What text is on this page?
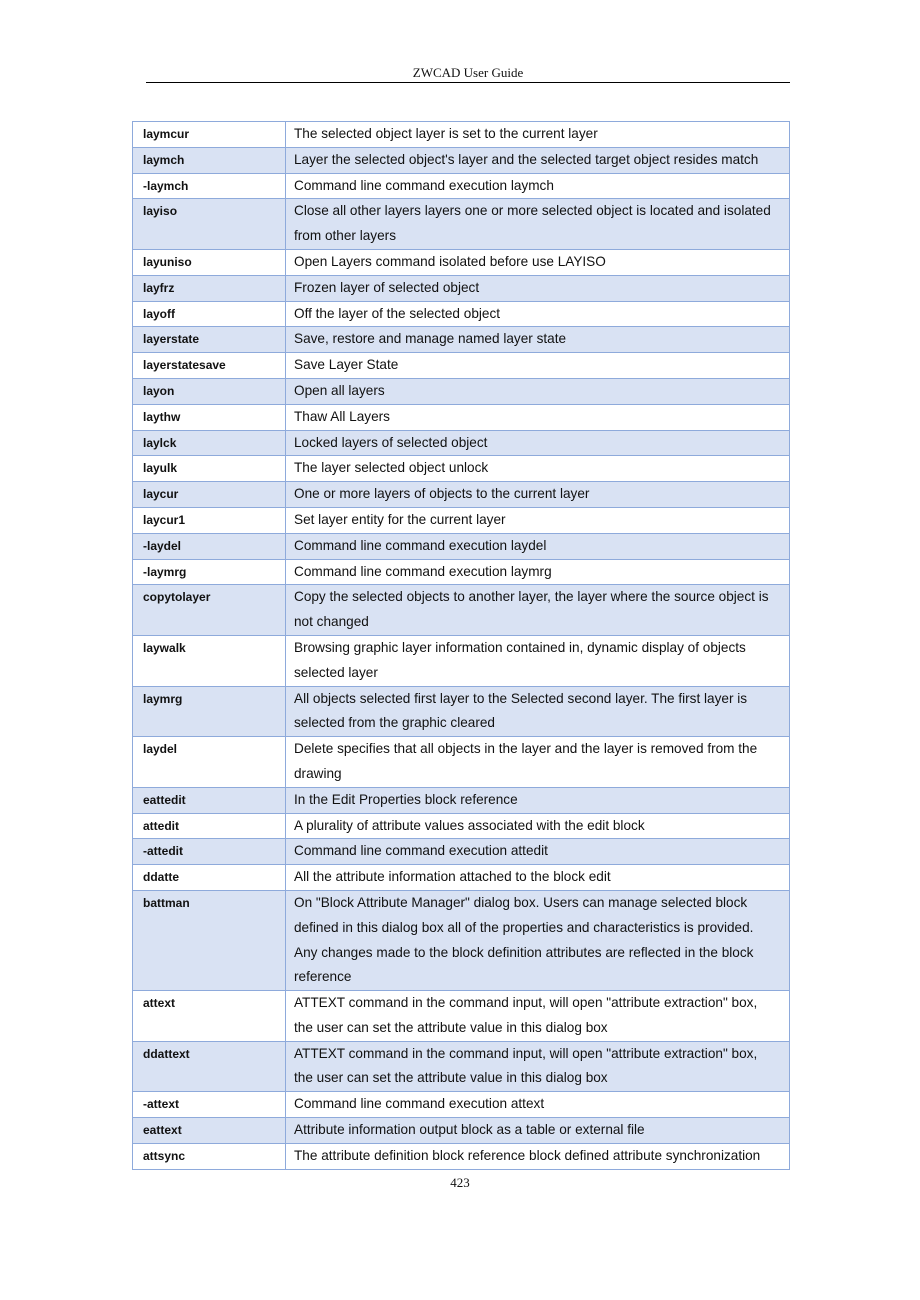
ZWCAD User Guide
laymcur	The selected object layer is set to the current layer
laymch	Layer the selected object's layer and the selected target object resides match
-laymch	Command line command execution laymch
layiso	Close all other layers layers one or more selected object is located and isolated from other layers
layuniso	Open Layers command isolated before use LAYISO
layfrz	Frozen layer of selected object
layoff	Off the layer of the selected object
layerstate	Save, restore and manage named layer state
layerstatesave	Save Layer State
layon	Open all layers
laythw	Thaw All Layers
laylck	Locked layers of selected object
layulk	The layer selected object unlock
laycur	One or more layers of objects to the current layer
laycur1	Set layer entity for the current layer
-laydel	Command line command execution laydel
-laymrg	Command line command execution laymrg
copytolayer	Copy the selected objects to another layer, the layer where the source object is not changed
laywalk	Browsing graphic layer information contained in, dynamic display of objects selected layer
laymrg	All objects selected first layer to the Selected second layer. The first layer is selected from the graphic cleared
laydel	Delete specifies that all objects in the layer and the layer is removed from the drawing
eattedit	In the Edit Properties block reference
attedit	A plurality of attribute values associated with the edit block
-attedit	Command line command execution attedit
ddatte	All the attribute information attached to the block edit
battman	On "Block Attribute Manager" dialog box. Users can manage selected block defined in this dialog box all of the properties and characteristics is provided. Any changes made to the block definition attributes are reflected in the block reference
attext	ATTEXT command in the command input, will open "attribute extraction" box, the user can set the attribute value in this dialog box
ddattext	ATTEXT command in the command input, will open "attribute extraction" box, the user can set the attribute value in this dialog box
-attext	Command line command execution attext
eattext	Attribute information output block as a table or external file
attsync	The attribute definition block reference block defined attribute synchronization
423
